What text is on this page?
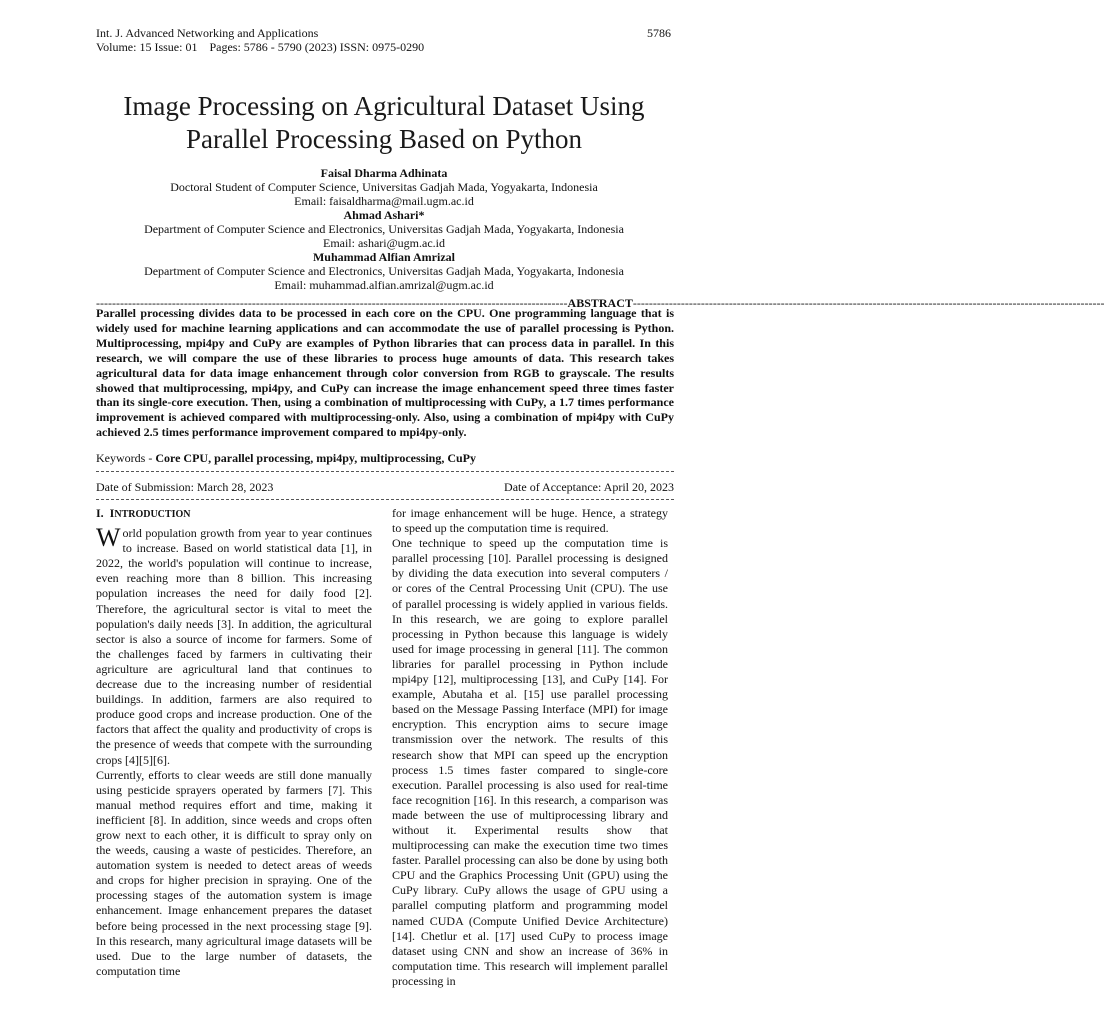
Int. J. Advanced Networking and Applications
Volume: 15 Issue: 01    Pages: 5786 - 5790 (2023) ISSN: 0975-0290
5786
Image Processing on Agricultural Dataset Using
Parallel Processing Based on Python
Faisal Dharma Adhinata
Doctoral Student of Computer Science, Universitas Gadjah Mada, Yogyakarta, Indonesia
Email: faisaldharma@mail.ugm.ac.id
Ahmad Ashari*
Department of Computer Science and Electronics, Universitas Gadjah Mada, Yogyakarta, Indonesia
Email: ashari@ugm.ac.id
Muhammad Alfian Amrizal
Department of Computer Science and Electronics, Universitas Gadjah Mada, Yogyakarta, Indonesia
Email: muhammad.alfian.amrizal@ugm.ac.id
---------------------------------------------------------------------------------------------------------------------- ABSTRACT ----------------------------------------------------------------------------------------------------------------------
Parallel processing divides data to be processed in each core on the CPU. One programming language that is widely used for machine learning applications and can accommodate the use of parallel processing is Python. Multiprocessing, mpi4py and CuPy are examples of Python libraries that can process data in parallel. In this research, we will compare the use of these libraries to process huge amounts of data. This research takes agricultural data for data image enhancement through color conversion from RGB to grayscale. The results showed that multiprocessing, mpi4py, and CuPy can increase the image enhancement speed three times faster than its single-core execution. Then, using a combination of multiprocessing with CuPy, a 1.7 times performance improvement is achieved compared with multiprocessing-only. Also, using a combination of mpi4py with CuPy achieved 2.5 times performance improvement compared to mpi4py-only.
Keywords - Core CPU, parallel processing, mpi4py, multiprocessing, CuPy
Date of Submission: March 28, 2023	Date of Acceptance: April 20, 2023
I. INTRODUCTION

World population growth from year to year continues to increase. Based on world statistical data [1], in 2022, the world's population will continue to increase, even reaching more than 8 billion. This increasing population increases the need for daily food [2]. Therefore, the agricultural sector is vital to meet the population's daily needs [3]. In addition, the agricultural sector is also a source of income for farmers. Some of the challenges faced by farmers in cultivating their agriculture are agricultural land that continues to decrease due to the increasing number of residential buildings. In addition, farmers are also required to produce good crops and increase production. One of the factors that affect the quality and productivity of crops is the presence of weeds that compete with the surrounding crops [4][5][6].

Currently, efforts to clear weeds are still done manually using pesticide sprayers operated by farmers [7]. This manual method requires effort and time, making it inefficient [8]. In addition, since weeds and crops often grow next to each other, it is difficult to spray only on the weeds, causing a waste of pesticides. Therefore, an automation system is needed to detect areas of weeds and crops for higher precision in spraying. One of the processing stages of the automation system is image enhancement. Image enhancement prepares the dataset before being processed in the next processing stage [9]. In this research, many agricultural image datasets will be used. Due to the large number of datasets, the computation time

for image enhancement will be huge. Hence, a strategy to speed up the computation time is required.

One technique to speed up the computation time is parallel processing [10]. Parallel processing is designed by dividing the data execution into several computers / or cores of the Central Processing Unit (CPU). The use of parallel processing is widely applied in various fields. In this research, we are going to explore parallel processing in Python because this language is widely used for image processing in general [11]. The common libraries for parallel processing in Python include mpi4py [12], multiprocessing [13], and CuPy [14]. For example, Abutaha et al. [15] use parallel processing based on the Message Passing Interface (MPI) for image encryption. This encryption aims to secure image transmission over the network. The results of this research show that MPI can speed up the encryption process 1.5 times faster compared to single-core execution. Parallel processing is also used for real-time face recognition [16]. In this research, a comparison was made between the use of multiprocessing library and without it. Experimental results show that multiprocessing can make the execution time two times faster. Parallel processing can also be done by using both CPU and the Graphics Processing Unit (GPU) using the CuPy library. CuPy allows the usage of GPU using a parallel computing platform and programming model named CUDA (Compute Unified Device Architecture) [14]. Chetlur et al. [17] used CuPy to process image dataset using CNN and show an increase of 36% in computation time. This research will implement parallel processing in
